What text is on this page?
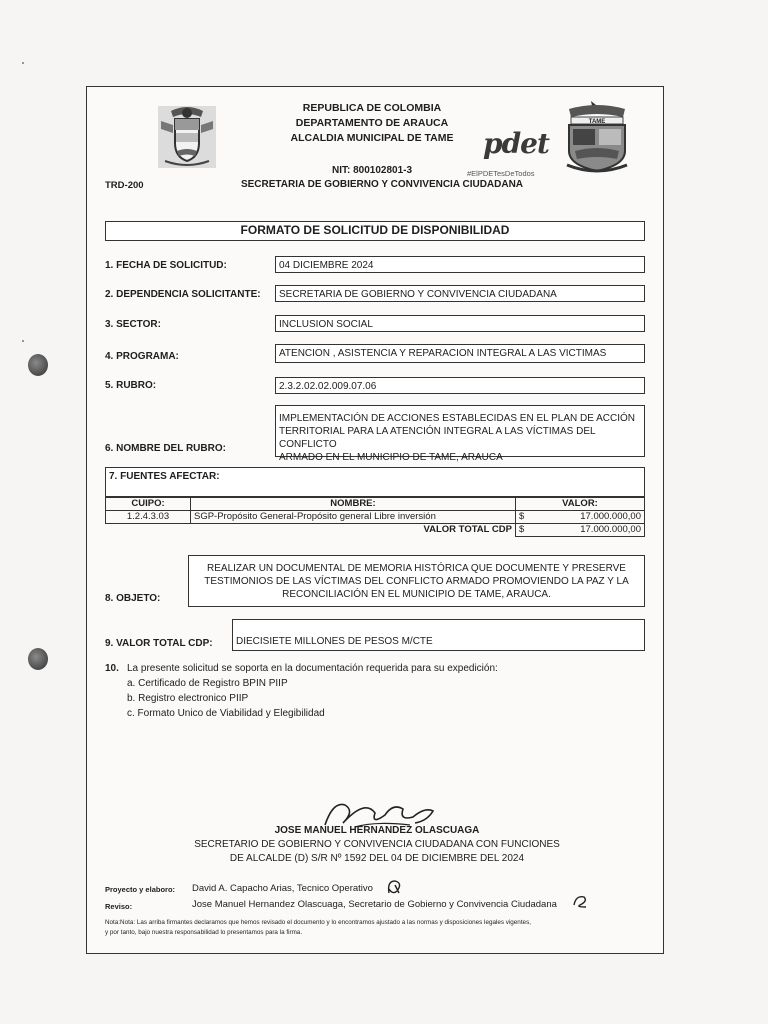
REPUBLICA DE COLOMBIA
DEPARTAMENTO DE ARAUCA
ALCALDIA MUNICIPAL DE TAME
NIT: 800102801-3
TRD-200	SECRETARIA DE GOBIERNO Y CONVIVENCIA CIUDADANA
pdet
#ElPDETesDeTodos
TAME
FORMATO DE SOLICITUD DE DISPONIBILIDAD
1. FECHA DE SOLICITUD:	04 DICIEMBRE 2024
2. DEPENDENCIA SOLICITANTE:	SECRETARIA DE GOBIERNO Y CONVIVENCIA CIUDADANA
3. SECTOR:	INCLUSION SOCIAL
4. PROGRAMA:	ATENCION , ASISTENCIA Y REPARACION INTEGRAL A LAS VICTIMAS
5. RUBRO:	2.3.2.02.02.009.07.06
6. NOMBRE DEL RUBRO:
IMPLEMENTACIÓN DE ACCIONES ESTABLECIDAS EN EL PLAN DE ACCIÓN
TERRITORIAL PARA LA ATENCIÓN INTEGRAL A LAS VÍCTIMAS DEL CONFLICTO
ARMADO EN EL MUNICIPIO DE TAME, ARAUCA
7. FUENTES AFECTAR:
CUIPO:	NOMBRE:	VALOR:	
1.2.4.3.03	SGP-Propósito General-Propósito general Libre inversión	$	17.000.000,00
	VALOR TOTAL CDP	$	17.000.000,00
8. OBJETO:
REALIZAR UN DOCUMENTAL DE MEMORIA HISTÓRICA QUE DOCUMENTE Y PRESERVE
TESTIMONIOS DE LAS VÍCTIMAS DEL CONFLICTO ARMADO PROMOVIENDO LA PAZ Y LA
RECONCILIACIÓN EN EL MUNICIPIO DE TAME, ARAUCA.
9. VALOR TOTAL CDP:	DIECISIETE MILLONES DE PESOS M/CTE
10. La presente solicitud se soporta en la documentación requerida para su expedición:
a. Certificado de Registro BPIN PIIP
b. Registro electronico PIIP
c. Formato Unico de Viabilidad y Elegibilidad
JOSE MANUEL HERNANDEZ OLASCUAGA
SECRETARIO DE GOBIERNO Y CONVIVENCIA CIUDADANA CON FUNCIONES
DE ALCALDE (D) S/R Nº 1592 DEL 04 DE DICIEMBRE DEL 2024
Proyecto y elaboro: David A. Capacho Arias, Tecnico Operativo
Reviso:	Jose Manuel Hernandez Olascuaga, Secretario de Gobierno y Convivencia Ciudadana
Nota:Nota: Las arriba firmantes declaramos que hemos revisado el documento y lo encontramos ajustado a las normas y disposiciones legales vigentes,
y por tanto, bajo nuestra responsabilidad lo presentamos para la firma.
